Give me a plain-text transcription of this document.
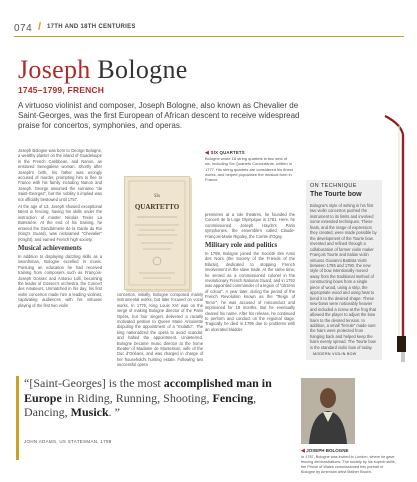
074 / 17TH AND 18TH CENTURIES
Joseph Bologne
1745–1799, FRENCH
A virtuoso violinist and composer, Joseph Bologne, also known as Chevalier de Saint-Georges, was the first European of African descent to receive widespread praise for concertos, symphonies, and operas.

Joseph Bologne was born to George Bologne, a wealthy planter on the island of Guadeloupe in the French Caribbean, and Nanon, an enslaved Senegalese woman. Shortly after Joseph's birth, his father was wrongly accused of murder, prompting him to flee to France with his family including Nanon and Joseph. George assumed the surname "de Saint-Georges", but the nobility it implied was not officially bestowed until 1757.

At the age of 13, Joseph showed exceptional talent in fencing, having his skills under the instruction of master Nicolas Texier La Boëssière. At the end of his training, he entered the Gendarmerie de la Garde du Roi (King's Guard), was nicknamed "Chevalier" (Knight), and earned French high society.

Musical achievements

In addition to displaying dazzling skills as a swordsman, Bologne excelled in music. Pursuing an education he had received training from composers such as François-Joseph Gossec and Antonio Lolli, becoming the leader of Gossec's orchestra, the Concert des Amateurs. Unmatched in his day, his first violin concertos made him a leading violinist, captivating audiences with his virtuosic playing of the first two violin

Six
QUARTETTO

concertos, initially, Bologne composed mainly instrumental works, but later focused on vocal works. In 1776, King Louis XVI was on the verge of making Bologne director of the Paris Opéra, but four singers delivered a racially motivated petition to Queen Marie Antoinette disputing the appointment of a "mulatto". The king nationalized the opera to avoid scandal, and halted the appointment. Undeterred, Bologne became music director at the home theater of Madame de Montesson, wife of the Duc d'Orléans, and was charged in charge of her household's hunting estate. Following two successful opera

◀ SIX QUARTETS
Bologne wrote 18 string quartets in two sets of six, including Six Quartets Concertants, written in 1777. His string quartets are considered his finest works, and helped popularize the musical form in France.

premieres at a role theatres, he founded the Concert de la Loge Olympique in 1781. Here, he commissioned Joseph Haydn's Paris symphonies, the ensemble's called Claude-François-Marie Rigoley, the Comte d'Ogny.

Military role and politics

In 1789, Bologne joined the Société des Amis des Noirs (the Society of the Friends of the Blacks), dedicated to stopping French involvement in the slave trade. At the same time, he served as a commissioned colonel in the revolutionary French National Guard, and in 1792 was appointed commander of a legion of "citizens of colour". A year later, during the period of the French Revolution known as the "Reign of Terror", he was accused of misconduct and imprisoned for 18 months. But he eventually cleared his name. After his release, he continued to perform and conduct on the regional stage. Tragically he died in 1799 due to problems with an ulcerated bladder.

ON TECHNIQUE
The Tourte bow
Bologne's style of writing in his first two violin concertos pushed the instrument to its limits and involved some extended techniques. These feats, and the range of expression they created, were made possible by the development of the Tourte bow. Invented and refined through a collaboration of former violin maker François Tourte and Italian violin virtuoso Giovanni Battista Viotti between 1785 and 1790, the new style of bow intentionally moved away from the traditional method of constructing bows from a single piece of wood, using a strip, the appropriate wood and using heat to bend it to the desired shape. These new bows were noticeably heavier and included a screw at the frog that allowed the player to adjust the bow hairs to the desired tension. In addition, a small "ferrule" made sure the hairs were protected from hanging back and helped keep the hairs evenly spread. The Tourte bow is the standard violin bow of today.
MODERN VIOLIN BOW
“[Saint-Georges] is the most accomplished man in Europe in Riding, Running, Shooting, Fencing, Dancing, Musick. ”
JOHN ADAMS, US STATESMAN, 1799
◀ JOSEPH BOLOGNE
In 1787, Bologne was invited to London, where he gave fencing demonstrations. The society by his superb skills, the Prince of Wales commissioned this portrait of Bologne by American artist Mather Brown.
